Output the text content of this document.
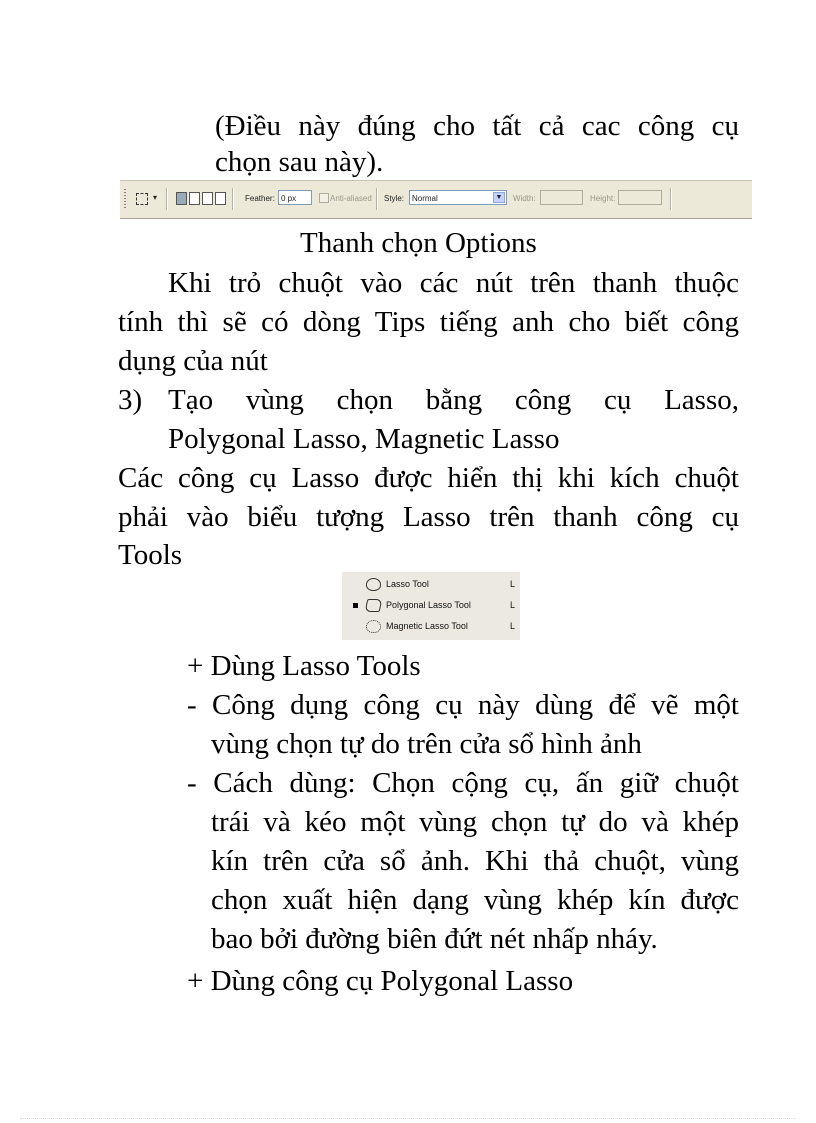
(Điều này đúng cho tất cả cac công cụ
chọn sau này).
▾	Feather: 0 px	Anti-aliased Style: Normal	▼	Width:	Height:
Thanh chọn Options
Khi trỏ chuột vào các nút trên thanh thuộc
tính thì sẽ có dòng Tips tiếng anh cho biết công
dụng của nút
3) Tạo vùng chọn bằng công cụ Lasso,
Polygonal Lasso, Magnetic Lasso
Các công cụ Lasso được hiển thị khi kích chuột
phải vào biểu tượng Lasso trên thanh công cụ
Tools
Lasso Tool	L
Polygonal Lasso Tool	L
Magnetic Lasso Tool	L
+ Dùng Lasso Tools
- Công dụng công cụ này dùng để vẽ một
vùng chọn tự do trên cửa sổ hình ảnh
- Cách dùng: Chọn cộng cụ, ấn giữ chuột
trái và kéo một vùng chọn tự do và khép
kín trên cửa sổ ảnh. Khi thả chuột, vùng
chọn xuất hiện dạng vùng khép kín được
bao bởi đường biên đứt nét nhấp nháy.
+ Dùng công cụ Polygonal Lasso
